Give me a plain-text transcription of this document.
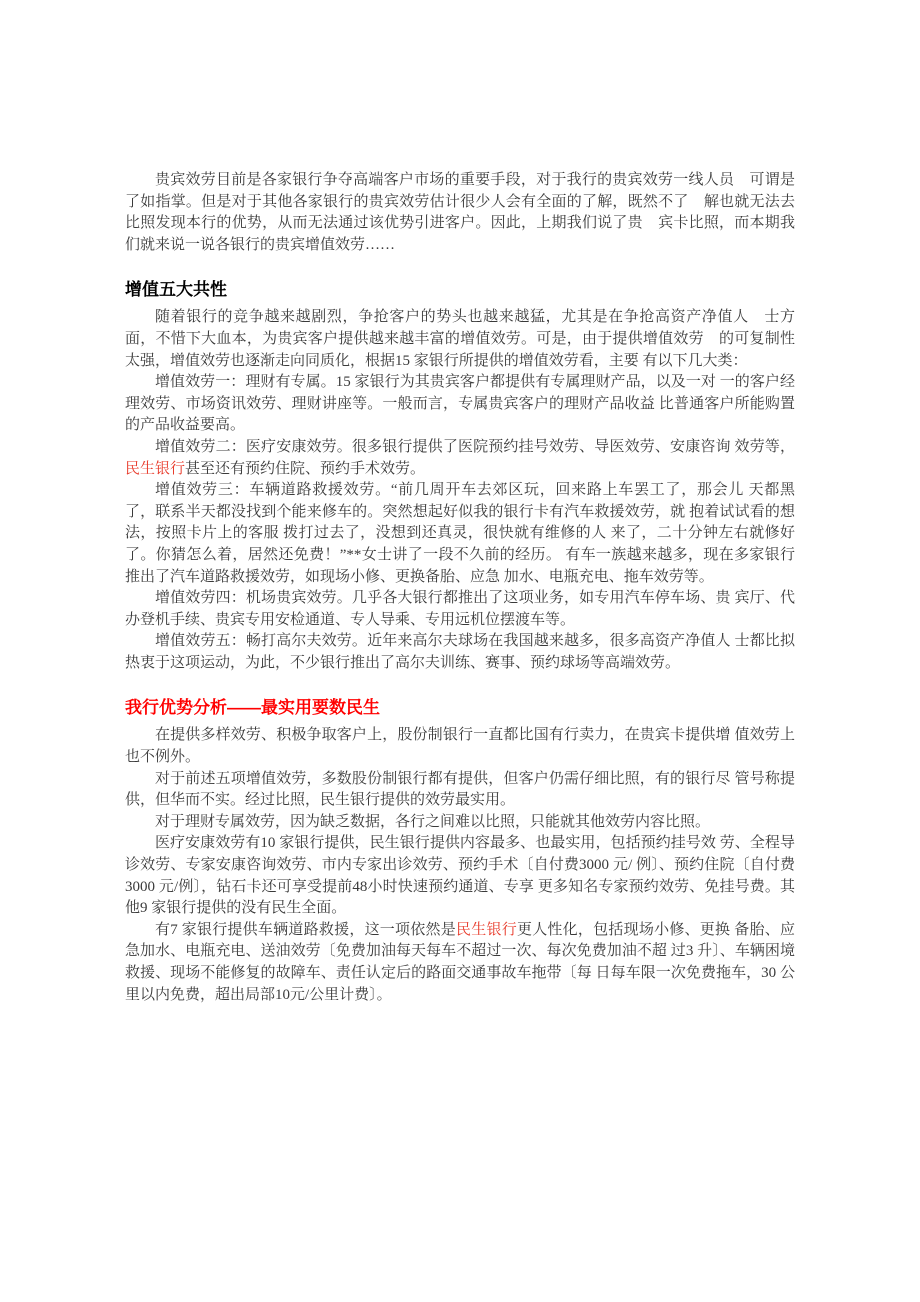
贵宾效劳目前是各家银行争夺高端客户市场的重要手段，对于我行的贵宾效劳一线人员　可谓是了如指掌。但是对于其他各家银行的贵宾效劳估计很少人会有全面的了解，既然不了　解也就无法去比照发现本行的优势，从而无法通过该优势引进客户。因此，上期我们说了贵　宾卡比照，而本期我们就来说一说各银行的贵宾增值效劳……

增值五大共性

随着银行的竞争越来越剧烈，争抢客户的势头也越来越猛，尤其是在争抢高资产净值人　士方面，不惜下大血本，为贵宾客户提供越来越丰富的增值效劳。可是，由于提供增值效劳　的可复制性太强，增值效劳也逐渐走向同质化，根据15 家银行所提供的增值效劳看，主要 有以下几大类：

增值效劳一：理财有专属。15 家银行为其贵宾客户都提供有专属理财产品，以及一对 一的客户经理效劳、市场资讯效劳、理财讲座等。一般而言，专属贵宾客户的理财产品收益 比普通客户所能购置的产品收益要高。

增值效劳二：医疗安康效劳。很多银行提供了医院预约挂号效劳、导医效劳、安康咨询 效劳等，民生银行甚至还有预约住院、预约手术效劳。

增值效劳三：车辆道路救援效劳。“前几周开车去郊区玩，回来路上车罢工了，那会儿 天都黑了，联系半天都没找到个能来修车的。突然想起好似我的银行卡有汽车救援效劳，就 抱着试试看的想法，按照卡片上的客服 拨打过去了，没想到还真灵，很快就有维修的人 来了，二十分钟左右就修好了。你猜怎么着，居然还免费！”**女士讲了一段不久前的经历。 有车一族越来越多，现在多家银行推出了汽车道路救援效劳，如现场小修、更换备胎、应急 加水、电瓶充电、拖车效劳等。

增值效劳四：机场贵宾效劳。几乎各大银行都推出了这项业务，如专用汽车停车场、贵 宾厅、代办登机手续、贵宾专用安检通道、专人导乘、专用远机位摆渡车等。

增值效劳五：畅打高尔夫效劳。近年来高尔夫球场在我国越来越多，很多高资产净值人 士都比拟热衷于这项运动，为此，不少银行推出了高尔夫训练、赛事、预约球场等高端效劳。

我行优势分析——最实用要数民生

在提供多样效劳、积极争取客户上，股份制银行一直都比国有行卖力，在贵宾卡提供增 值效劳上也不例外。

对于前述五项增值效劳，多数股份制银行都有提供，但客户仍需仔细比照，有的银行尽 管号称提供，但华而不实。经过比照，民生银行提供的效劳最实用。

对于理财专属效劳，因为缺乏数据，各行之间难以比照，只能就其他效劳内容比照。

医疗安康效劳有10 家银行提供，民生银行提供内容最多、也最实用，包括预约挂号效 劳、全程导诊效劳、专家安康咨询效劳、市内专家出诊效劳、预约手术〔自付费3000 元/ 例〕、预约住院〔自付费3000 元/例〕，钻石卡还可享受提前48小时快速预约通道、专享 更多知名专家预约效劳、免挂号费。其他9 家银行提供的没有民生全面。

有7 家银行提供车辆道路救援，这一项依然是民生银行更人性化，包括现场小修、更换 备胎、应急加水、电瓶充电、送油效劳〔免费加油每天每车不超过一次、每次免费加油不超 过3 升〕、车辆困境救援、现场不能修复的故障车、责任认定后的路面交通事故车拖带〔每 日每车限一次免费拖车，30 公里以内免费，超出局部10元/公里计费〕。
